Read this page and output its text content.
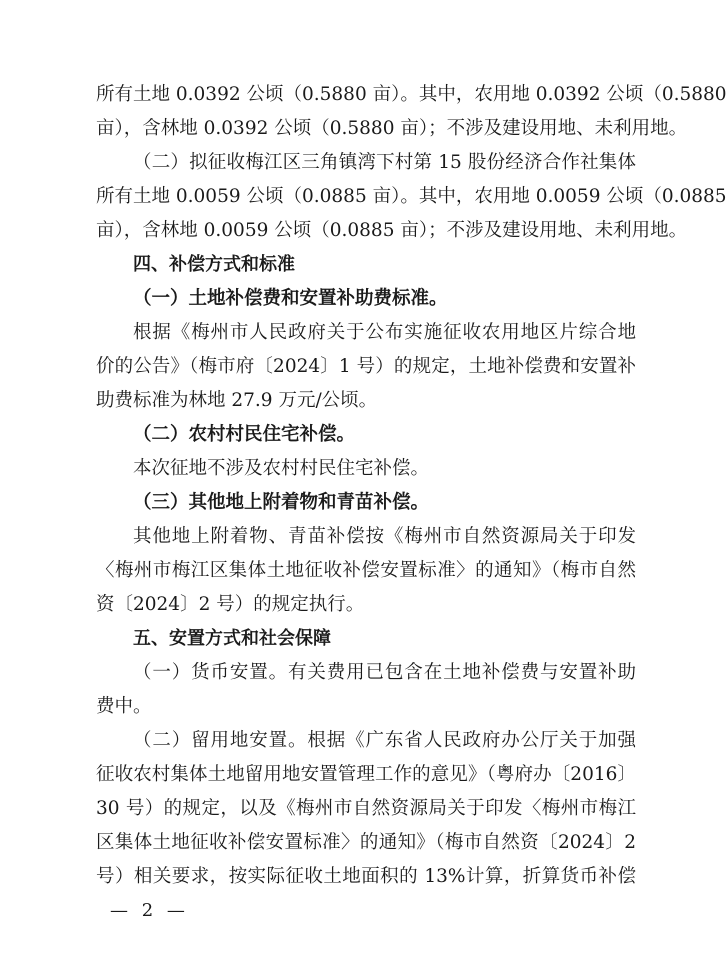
所有土地 0.0392 公顷（0.5880 亩）。其中，农用地 0.0392 公顷（0.5880
亩），含林地 0.0392 公顷（0.5880 亩）；不涉及建设用地、未利用地。
（二）拟征收梅江区三角镇湾下村第 15 股份经济合作社集体
所有土地 0.0059 公顷（0.0885 亩）。其中，农用地 0.0059 公顷（0.0885
亩），含林地 0.0059 公顷（0.0885 亩）；不涉及建设用地、未利用地。
四、补偿方式和标准
（一）土地补偿费和安置补助费标准。
根据《梅州市人民政府关于公布实施征收农用地区片综合地
价的公告》（梅市府〔2024〕1 号）的规定，土地补偿费和安置补
助费标准为林地 27.9 万元/公顷。
（二）农村村民住宅补偿。
本次征地不涉及农村村民住宅补偿。
（三）其他地上附着物和青苗补偿。
其他地上附着物、青苗补偿按《梅州市自然资源局关于印发
〈梅州市梅江区集体土地征收补偿安置标准〉的通知》（梅市自然
资〔2024〕2 号）的规定执行。
五、安置方式和社会保障
（一）货币安置。有关费用已包含在土地补偿费与安置补助
费中。
（二）留用地安置。根据《广东省人民政府办公厅关于加强
征收农村集体土地留用地安置管理工作的意见》（粤府办〔2016〕
30 号）的规定，以及《梅州市自然资源局关于印发〈梅州市梅江
区集体土地征收补偿安置标准〉的通知》（梅市自然资〔2024〕2
号）相关要求，按实际征收土地面积的 13%计算，折算货币补偿
— 2 —
